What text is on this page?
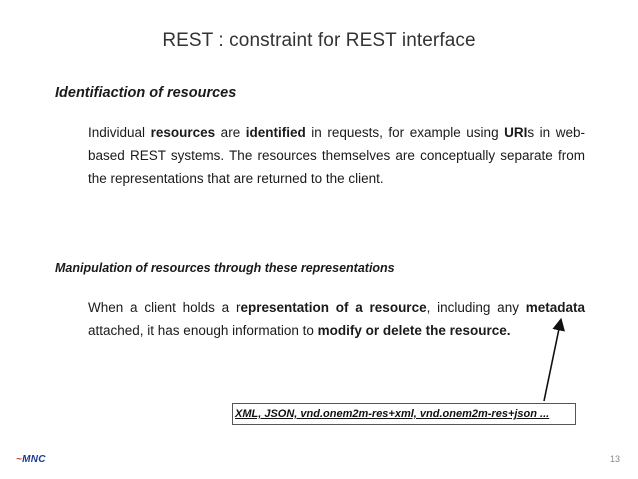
REST : constraint for REST interface
Identifiaction of resources
Individual resources are identified in requests, for example using URIs in web-based REST systems. The resources themselves are conceptually separate from the representations that are returned to the client.
Manipulation of resources through these representations
When a client holds a representation of a resource, including any metadata attached, it has enough information to modify or delete the resource.
XML, JSON, vnd.onem2m-res+xml, vnd.onem2m-res+json ...
~MNC	13
